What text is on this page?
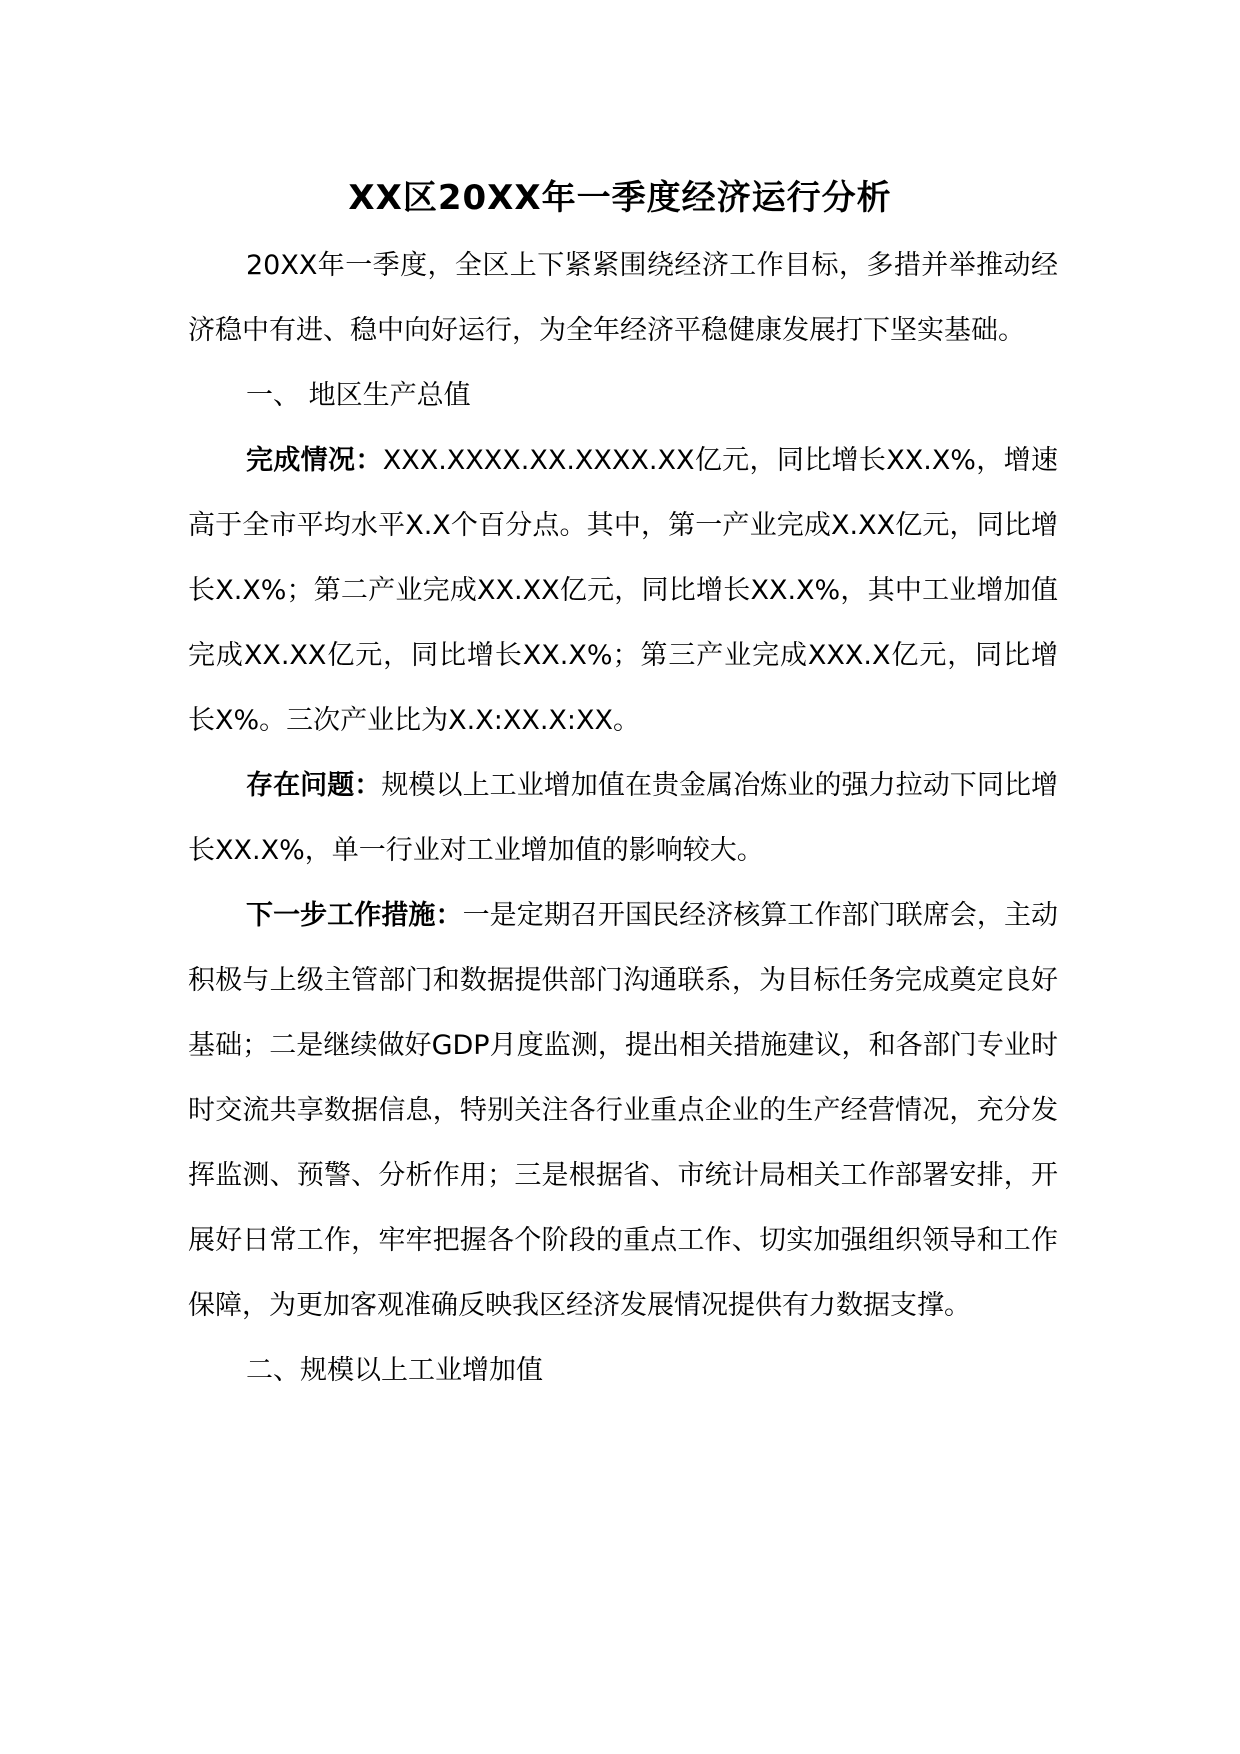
XX区20XX年一季度经济运行分析

20XX年一季度，全区上下紧紧围绕经济工作目标，多措并举推动经济稳中有进、稳中向好运行，为全年经济平稳健康发展打下坚实基础。

一、 地区生产总值

完成情况：XXX.XXXX.XX.XXXX.XX亿元，同比增长XX.X%，增速高于全市平均水平X.X个百分点。其中，第一产业完成X.XX亿元，同比增长X.X%；第二产业完成XX.XX亿元，同比增长XX.X%，其中工业增加值完成XX.XX亿元，同比增长XX.X%；第三产业完成XXX.X亿元，同比增长X%。三次产业比为X.X:XX.X:XX。

存在问题：规模以上工业增加值在贵金属冶炼业的强力拉动下同比增长XX.X%，单一行业对工业增加值的影响较大。

下一步工作措施：一是定期召开国民经济核算工作部门联席会，主动积极与上级主管部门和数据提供部门沟通联系，为目标任务完成奠定良好基础；二是继续做好GDP月度监测，提出相关措施建议，和各部门专业时时交流共享数据信息，特别关注各行业重点企业的生产经营情况，充分发挥监测、预警、分析作用；三是根据省、市统计局相关工作部署安排，开展好日常工作，牢牢把握各个阶段的重点工作、切实加强组织领导和工作保障，为更加客观准确反映我区经济发展情况提供有力数据支撑。

二、规模以上工业增加值
